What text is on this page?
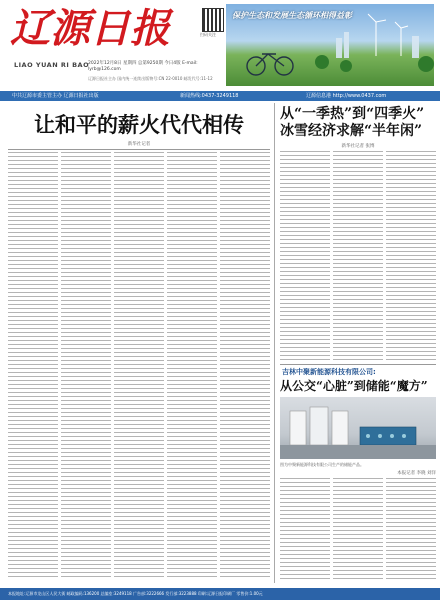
辽源日报
LIAO YUAN RI BAO
2022年12月8日 星期四 总第9250期 今日4版 E-mail: lyrb@126.com
辽源日报社主办 国内统一连续出版物号:CN 22-0010 邮发代号:11-12
扫码关注
保护生态和发展生态循环相得益彰
中共辽源市委主管主办 辽源日报社出版	新闻热线:0437-3249118	辽源信息港 http://www.0437.com
让和平的薪火代代相传
新华社记者
从“一季热”到“四季火”
冰雪经济求解“半年闲”
新华社记者 张博
吉林中聚新能源科技有限公司:
从公交“心脏”到储能“魔方”
图为中聚新能源科技有限公司生产的储能产品。
本报记者 李晓 刘洋
本报地址:辽源市龙山区人民大街 邮政编码:136200 总编室:3249118 广告部:3222666 发行部:3223888 印刷:辽源日报印刷厂 零售价:1.00元
